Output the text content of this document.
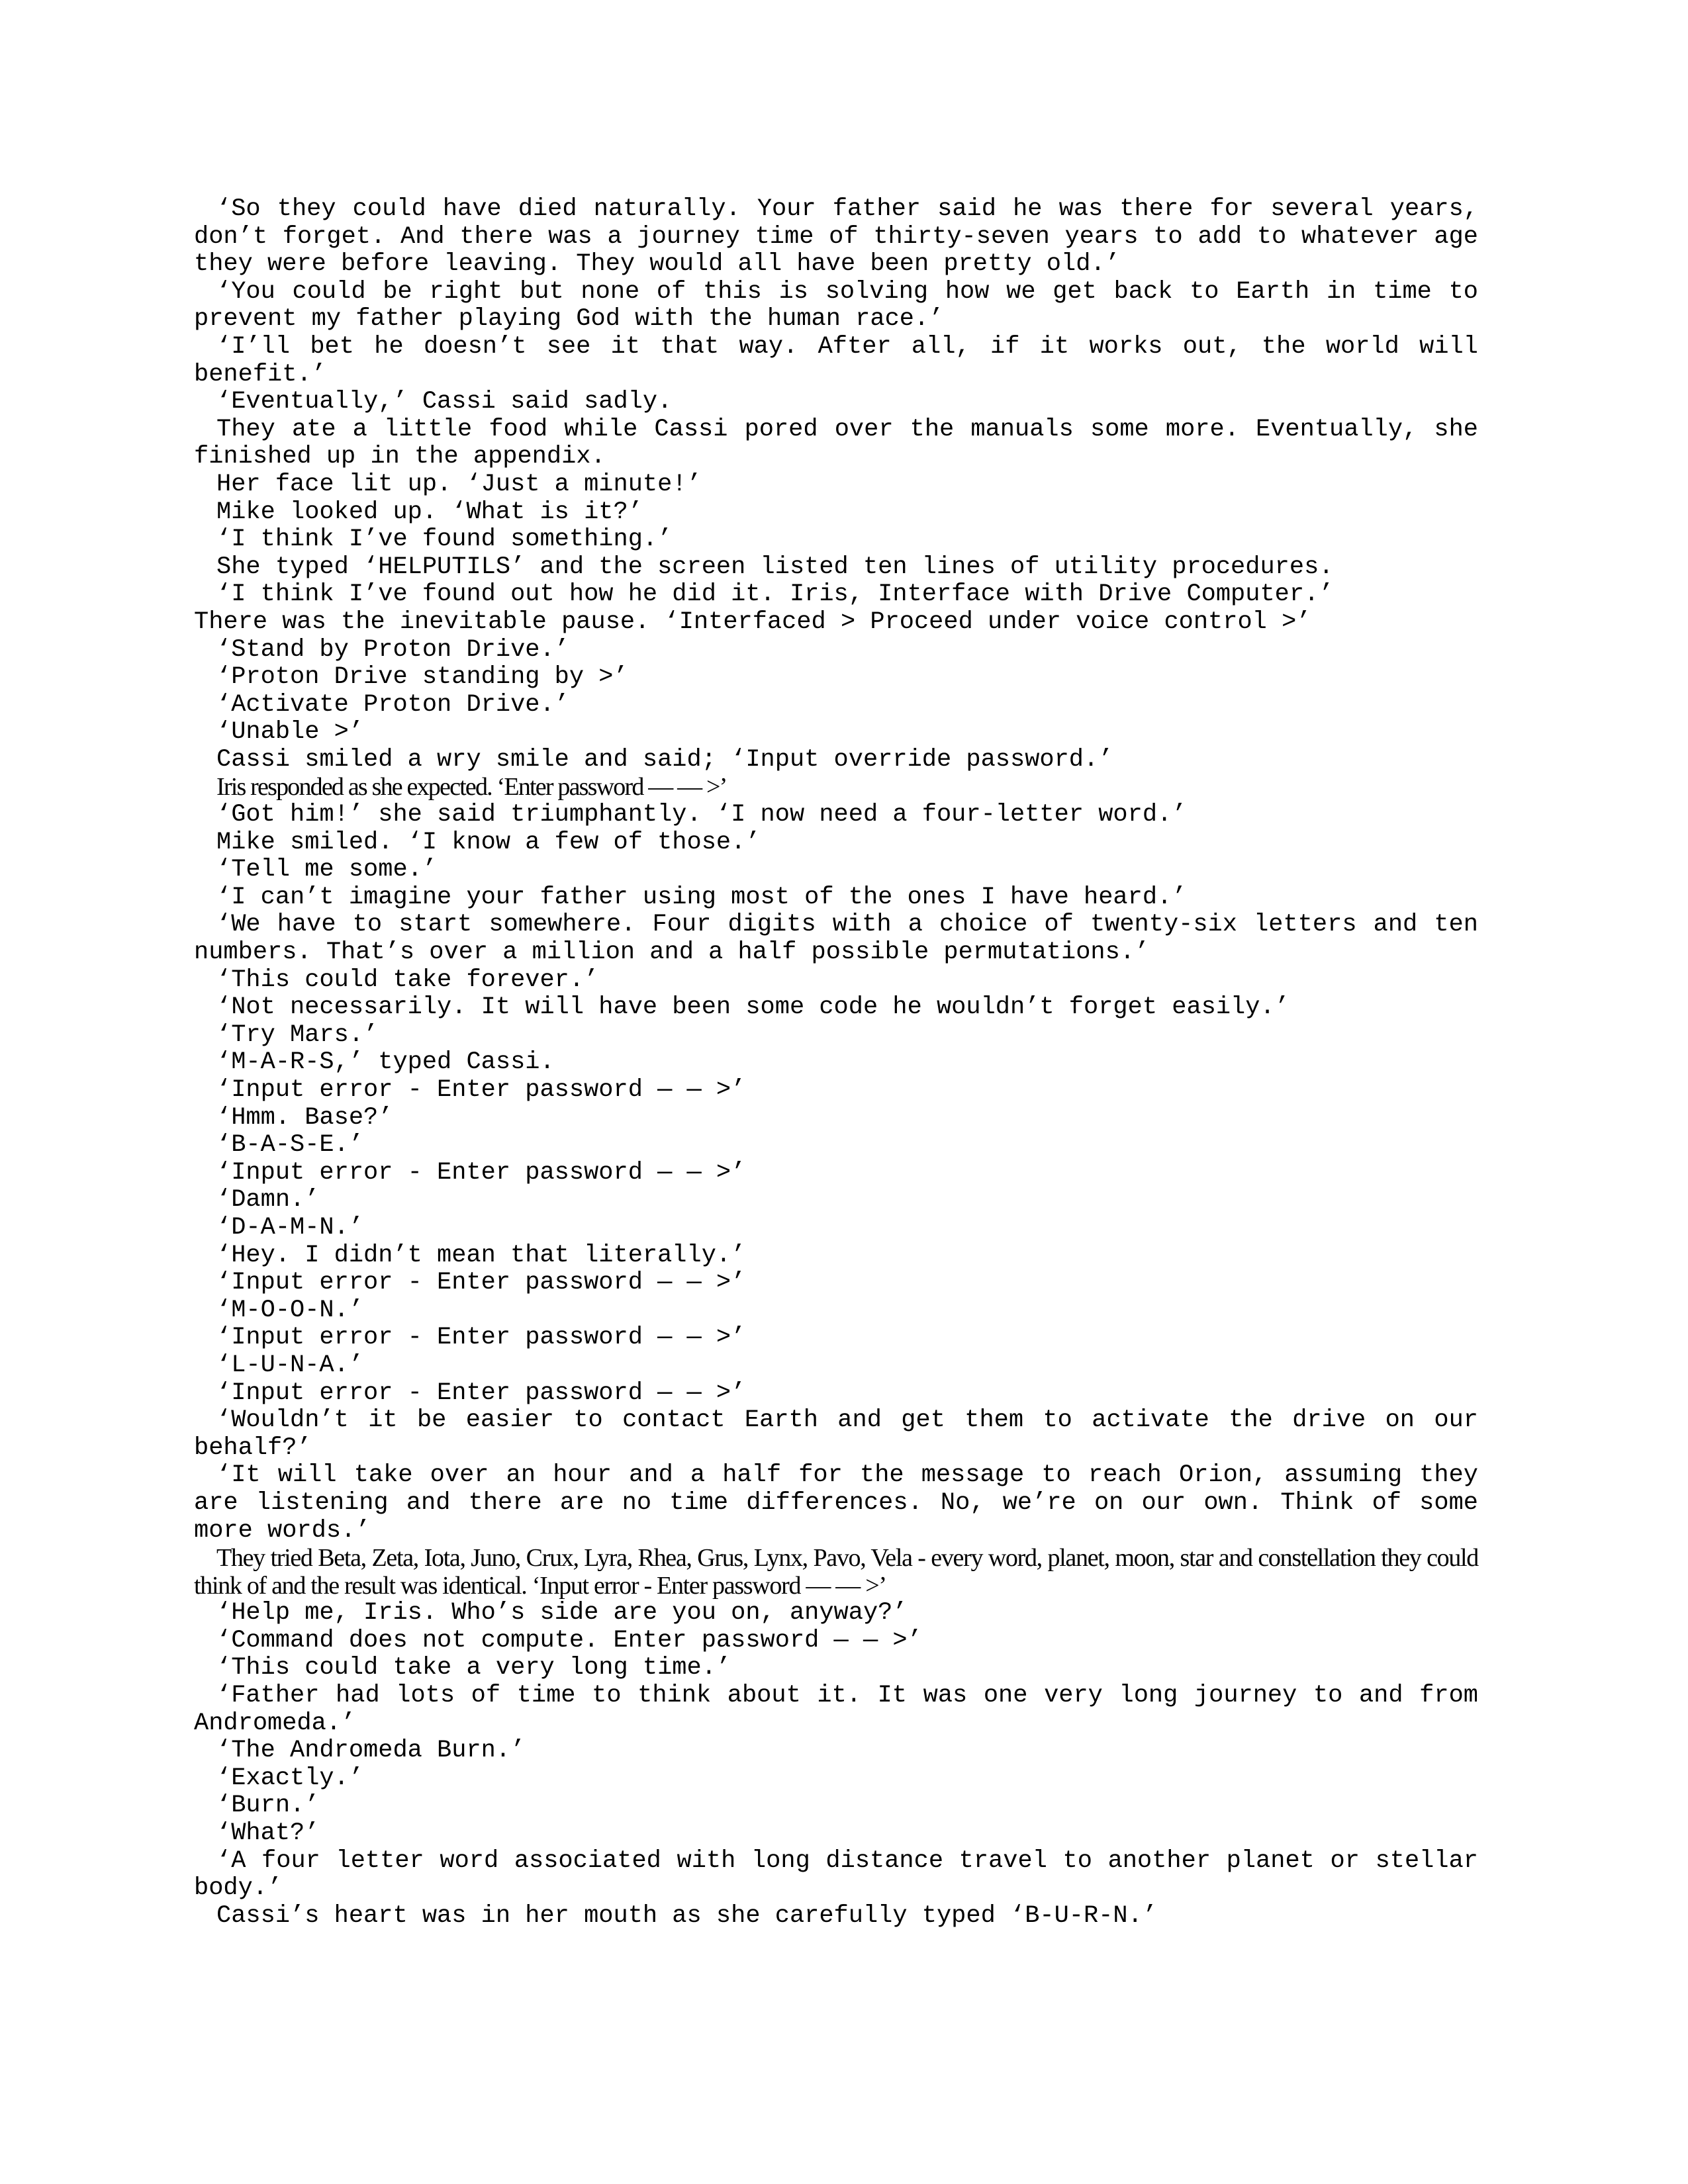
‘So they could have died naturally. Your father said he was there for several years, don’t forget. And there was a journey time of thirty-seven years to add to whatever age they were before leaving. They would all have been pretty old.’

‘You could be right but none of this is solving how we get back to Earth in time to prevent my father playing God with the human race.’

‘I’ll bet he doesn’t see it that way. After all, if it works out, the world will benefit.’

‘Eventually,’ Cassi said sadly.

They ate a little food while Cassi pored over the manuals some more. Eventually, she finished up in the appendix.

Her face lit up. ‘Just a minute!’

Mike looked up. ‘What is it?’

‘I think I’ve found something.’

She typed ‘HELPUTILS’ and the screen listed ten lines of utility procedures.

‘I think I’ve found out how he did it. Iris, Interface with Drive Computer.’

There was the inevitable pause. ‘Interfaced > Proceed under voice control >’

‘Stand by Proton Drive.’

‘Proton Drive standing by >’

‘Activate Proton Drive.’

‘Unable >’

Cassi smiled a wry smile and said; ‘Input override password.’

Iris responded as she expected. ‘Enter password — — >’

‘Got him!’ she said triumphantly. ‘I now need a four-letter word.’

Mike smiled. ‘I know a few of those.’

‘Tell me some.’

‘I can’t imagine your father using most of the ones I have heard.’

‘We have to start somewhere. Four digits with a choice of twenty-six letters and ten numbers. That’s over a million and a half possible permutations.’

‘This could take forever.’

‘Not necessarily. It will have been some code he wouldn’t forget easily.’

‘Try Mars.’

‘M-A-R-S,’ typed Cassi.

‘Input error - Enter password — — >’

‘Hmm. Base?’

‘B-A-S-E.’

‘Input error - Enter password — — >’

‘Damn.’

‘D-A-M-N.’

‘Hey. I didn’t mean that literally.’

‘Input error - Enter password — — >’

‘M-O-O-N.’

‘Input error - Enter password — — >’

‘L-U-N-A.’

‘Input error - Enter password — — >’

‘Wouldn’t it be easier to contact Earth and get them to activate the drive on our behalf?’

‘It will take over an hour and a half for the message to reach Orion, assuming they are listening and there are no time differences. No, we’re on our own. Think of some more words.’

They tried Beta, Zeta, Iota, Juno, Crux, Lyra, Rhea, Grus, Lynx, Pavo, Vela - every word, planet, moon, star and constellation they could think of and the result was identical. ‘Input error - Enter password — — >’

‘Help me, Iris. Who’s side are you on, anyway?’

‘Command does not compute. Enter password — — >’

‘This could take a very long time.’

‘Father had lots of time to think about it. It was one very long journey to and from Andromeda.’

‘The Andromeda Burn.’

‘Exactly.’

‘Burn.’

‘What?’

‘A four letter word associated with long distance travel to another planet or stellar body.’

Cassi’s heart was in her mouth as she carefully typed ‘B-U-R-N.’
